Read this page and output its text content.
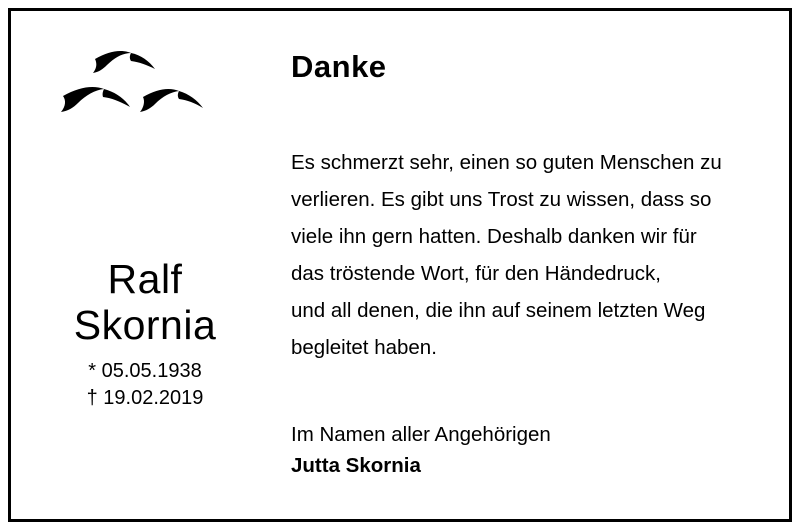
Ralf
Skornia
* 05.05.1938
† 19.02.2019
Danke

Es schmerzt sehr, einen so guten Menschen zu

verlieren. Es gibt uns Trost zu wissen, dass so

viele ihn gern hatten. Deshalb danken wir für

das tröstende Wort, für den Händedruck,

und all denen, die ihn auf seinem letzten Weg

begleitet haben.

Im Namen aller Angehörigen
Jutta Skornia
